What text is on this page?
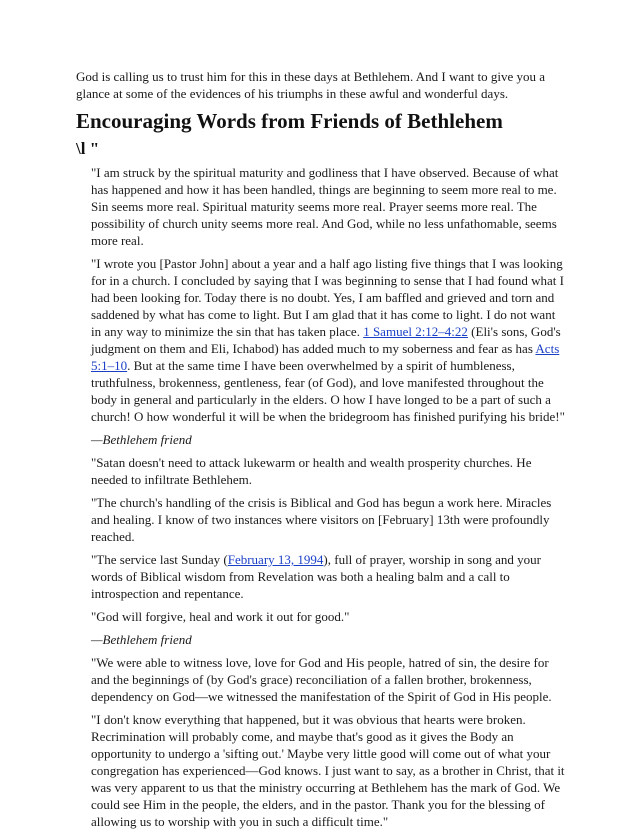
God is calling us to trust him for this in these days at Bethlehem. And I want to give you a glance at some of the evidences of his triumphs in these awful and wonderful days.

Encouraging Words from Friends of Bethlehem
\l "

"I am struck by the spiritual maturity and godliness that I have observed. Because of what has happened and how it has been handled, things are beginning to seem more real to me. Sin seems more real. Spiritual maturity seems more real. Prayer seems more real. The possibility of church unity seems more real. And God, while no less unfathomable, seems more real.

"I wrote you [Pastor John] about a year and a half ago listing five things that I was looking for in a church. I concluded by saying that I was beginning to sense that I had found what I had been looking for. Today there is no doubt. Yes, I am baffled and grieved and torn and saddened by what has come to light. But I am glad that it has come to light. I do not want in any way to minimize the sin that has taken place. 1 Samuel 2:12–4:22 (Eli's sons, God's judgment on them and Eli, Ichabod) has added much to my soberness and fear as has Acts 5:1–10. But at the same time I have been overwhelmed by a spirit of humbleness, truthfulness, brokenness, gentleness, fear (of God), and love manifested throughout the body in general and particularly in the elders. O how I have longed to be a part of such a church! O how wonderful it will be when the bridegroom has finished purifying his bride!"

—Bethlehem friend

"Satan doesn't need to attack lukewarm or health and wealth prosperity churches. He needed to infiltrate Bethlehem.

"The church's handling of the crisis is Biblical and God has begun a work here. Miracles and healing. I know of two instances where visitors on [February] 13th were profoundly reached.

"The service last Sunday (February 13, 1994), full of prayer, worship in song and your words of Biblical wisdom from Revelation was both a healing balm and a call to introspection and repentance.

"God will forgive, heal and work it out for good."

—Bethlehem friend

"We were able to witness love, love for God and His people, hatred of sin, the desire for and the beginnings of (by God's grace) reconciliation of a fallen brother, brokenness, dependency on God—we witnessed the manifestation of the Spirit of God in His people.

"I don't know everything that happened, but it was obvious that hearts were broken. Recrimination will probably come, and maybe that's good as it gives the Body an opportunity to undergo a 'sifting out.' Maybe very little good will come out of what your congregation has experienced—God knows. I just want to say, as a brother in Christ, that it was very apparent to us that the ministry occurring at Bethlehem has the mark of God. We could see Him in the people, the elders, and in the pastor. Thank you for the blessing of allowing us to worship with you in such a difficult time."
